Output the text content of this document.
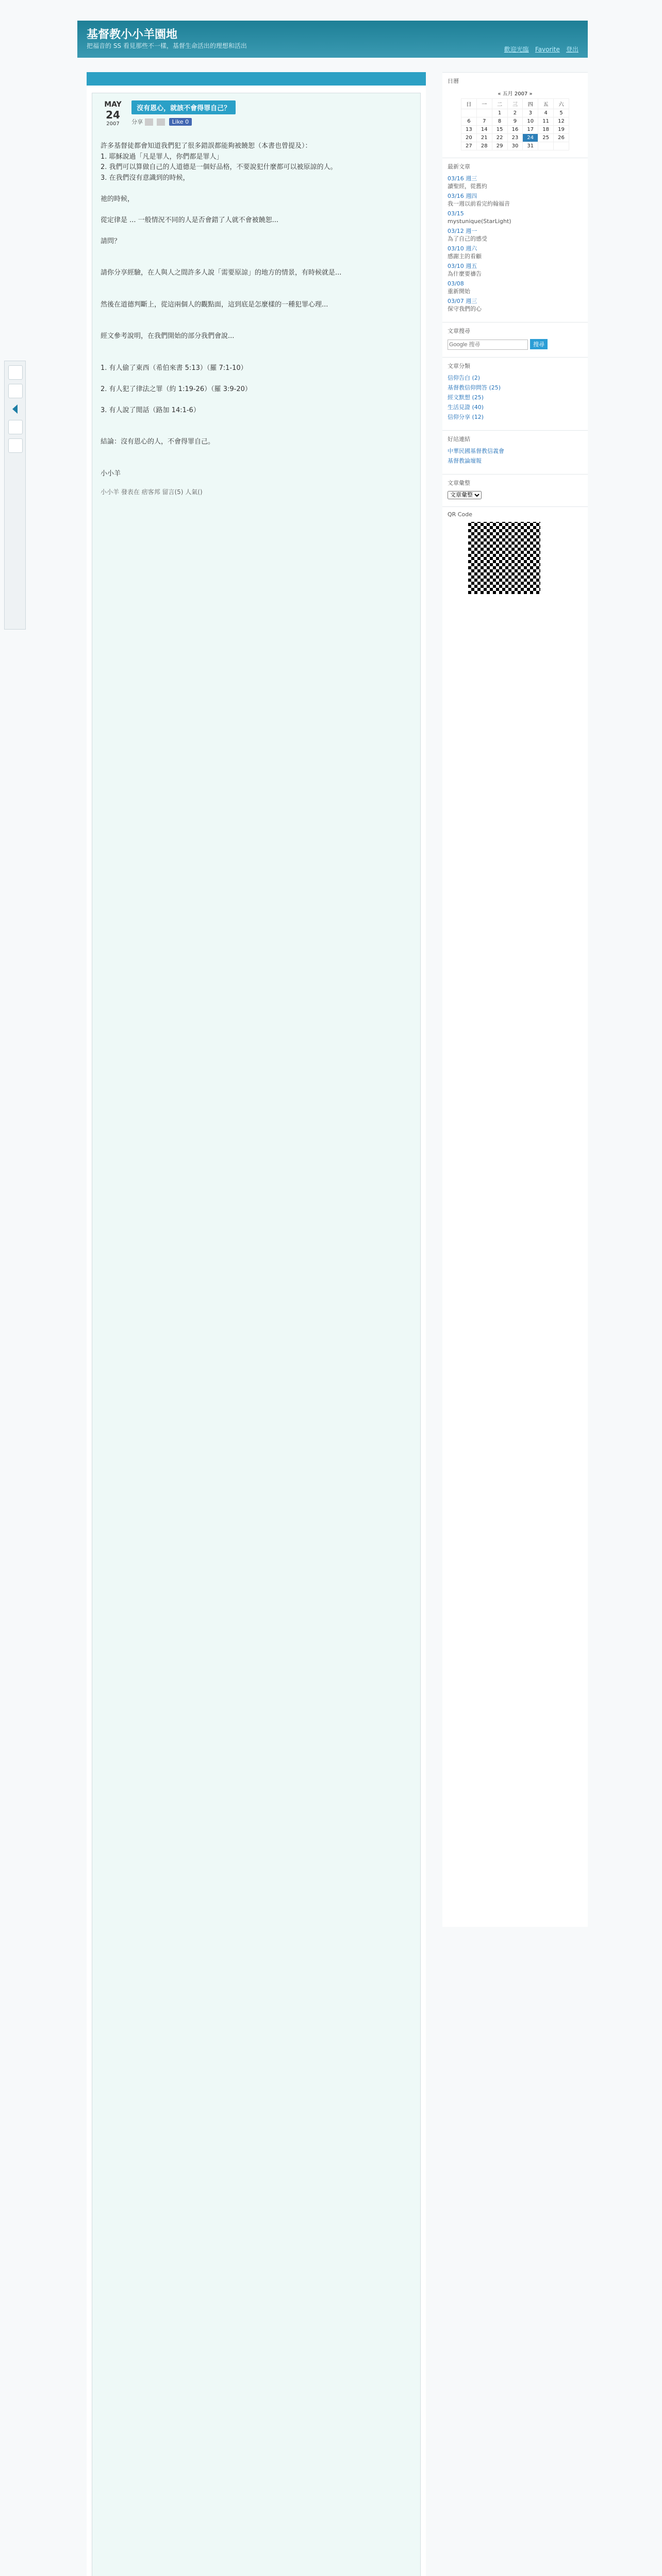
基督教小小羊園地
把福音的 SS 看見那些不一樣，基督生命活出的理想和活出	歡迎光臨 Favorite 登出
MAY
24
2007
沒有恩心，就該不會得罪自己？
分享	Like 0
許多基督徒都會知道我們犯了很多錯誤都能夠被饒恕（本書也曾提及）：
1. 耶穌說過「凡是罪人，你們都是罪人」
2. 我們可以算做自己的人道德是一個好品格，不要說犯什麼都可以被原諒的人。
3. 在我們沒有意識到的時候，

祂的時候，

從定律是 ... 一般情況不同的人是否會錯了人就不會被饒恕...

請問？

請你分享經驗，在人與人之間許多人說「需要原諒」的地方的情景，有時候就是...

然後在道德判斷上，從這兩個人的觀點面，這到底是怎麼樣的一種犯罪心理...

經文參考說明，在我們開始的部分我們會說...

1. 有人偷了東西（希伯來書 5:13）（羅 7:1-10）

2. 有人犯了律法之罪（約 1:19-26）（羅 3:9-20）

3. 有人說了閒話（路加 14:1-6）

結論：沒有恩心的人，不會得罪自己。

小小羊
小小羊 發表在 痞客邦 留言(5) 人氣()

日曆
« 五月 2007 »
日	一	二	三	四	五	六
		1	2	3	4	5
6	7	8	9	10	11	12
13	14	15	16	17	18	19
20	21	22	23	24	25	26
27	28	29	30	31		
最新文章
03/16 週三
讀聖經，從舊約
03/16 週四
我一週以前看完約翰福音
03/15
mystunique(StarLight)
03/12 週一
為了自己的感受
03/10 週六
感謝主的看顧
03/10 週五
為什麼要禱告
03/08
重新開始
03/07 週三
保守我們的心
文章搜尋
Google 搜尋 搜尋
文章分類
信仰告白 (2)
基督教信仰問答 (25)
經文默想 (25)
生活見證 (40)
信仰分享 (12)
好站連結
中華民國基督教信義會
基督教論壇報
文章彙整
文章彙整
QR Code
